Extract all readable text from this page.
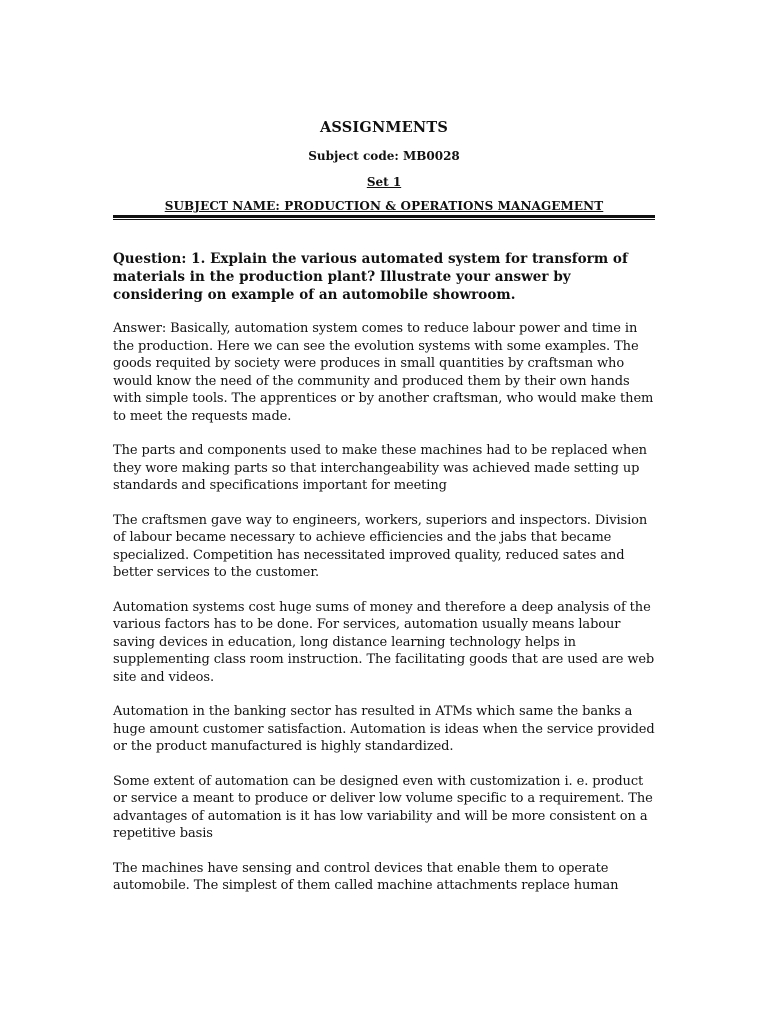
ASSIGNMENTS
Subject code: MB0028
Set 1
SUBJECT NAME: PRODUCTION & OPERATIONS MANAGEMENT
Question: 1. Explain the various automated system for transform of materials in the production plant? Illustrate your answer by considering on example of an automobile showroom.
Answer: Basically, automation system comes to reduce labour power and time in the production. Here we can see the evolution systems with some examples. The goods requited by society were produces in small quantities by craftsman who would know the need of the community and produced them by their own hands with simple tools. The apprentices or by another craftsman, who would make them to meet the requests made.
The parts and components used to make these machines had to be replaced when they wore making parts so that interchangeability was achieved made setting up standards and specifications important for meeting
The craftsmen gave way to engineers, workers, superiors and inspectors. Division of labour became necessary to achieve efficiencies and the jabs that became specialized. Competition has necessitated improved quality, reduced sates and better services to the customer.
Automation systems cost huge sums of money and therefore a deep analysis of the various factors has to be done. For services, automation usually means labour saving devices in education, long distance learning technology helps in supplementing class room instruction. The facilitating goods that are used are web site and videos.
Automation in the banking sector has resulted in ATMs which same the banks a huge amount customer satisfaction. Automation is ideas when the service provided or the product manufactured is highly standardized.
Some extent of automation can be designed even with customization i. e. product or service a meant to produce or deliver low volume specific to a requirement. The advantages of automation is it has low variability and will be more consistent on a repetitive basis
The machines have sensing and control devices that enable them to operate automobile. The simplest of them called machine attachments replace human
